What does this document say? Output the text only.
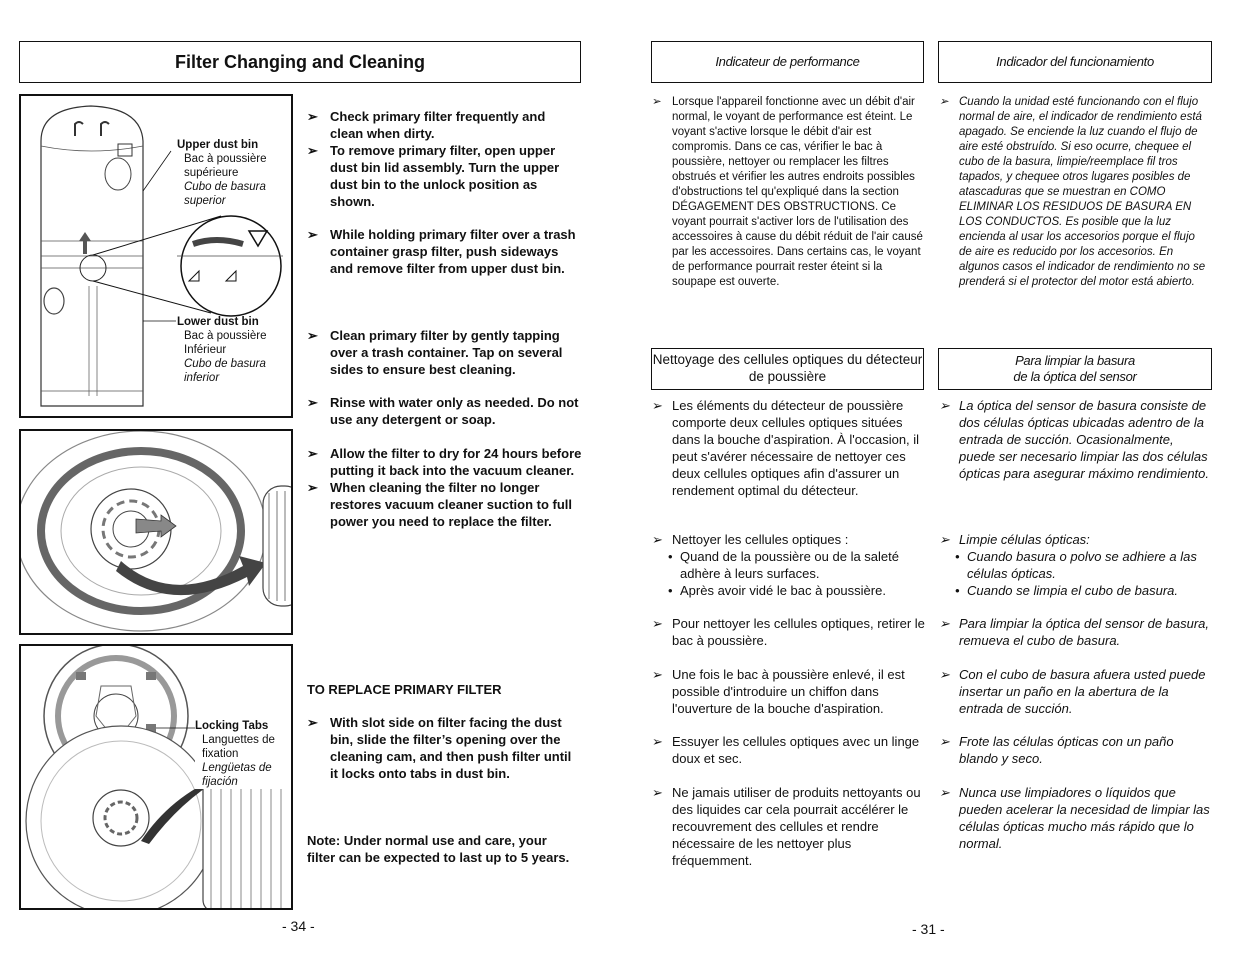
Filter Changing and Cleaning
Upper dust bin

Bac à poussière supérieure
Cubo de basura superior
Lower dust bin

Bac à poussière Inférieur
Cubo de basura inferior
Locking Tabs

Languettes de fixation
Lengüetas de fijación
➢ Check primary filter frequently and clean when dirty.
➢ To remove primary filter, open upper dust bin lid assembly. Turn the upper dust bin to the unlock position as shown.
➢ While holding primary filter over a trash container grasp filter, push sideways and remove filter from upper dust bin.
➢ Clean primary filter by gently tapping over a trash container. Tap on several sides to ensure best cleaning.
➢ Rinse with water only as needed. Do not use any detergent or soap.
➢ Allow the filter to dry for 24 hours before putting it back into the vacuum cleaner.
➢ When cleaning the filter no longer restores vacuum cleaner suction to full power you need to replace the filter.
TO REPLACE PRIMARY FILTER
➢ With slot side on filter facing the dust bin, slide the filter’s opening over the cleaning cam, and then push filter until it locks onto tabs in dust bin.
Note: Under normal use and care, your filter can be expected to last up to 5 years.
- 34 -
Indicateur de performance	Indicador del funcionamiento
➢ Lorsque l'appareil fonctionne avec un débit d'air normal, le voyant de performance est éteint. Le voyant s'active lorsque le débit d'air est compromis. Dans ce cas, vérifier le bac à poussière, nettoyer ou remplacer les filtres obstrués et vérifier les autres endroits possibles d'obstructions tel qu'expliqué dans la section DÉGAGEMENT DES OBSTRUCTIONS. Ce voyant pourrait s'activer lors de l'utilisation des accessoires à cause du débit réduit de l'air causé par les accessoires. Dans certains cas, le voyant de performance pourrait rester éteint si la soupape est ouverte.
➢ Cuando la unidad esté funcionando con el flujo normal de aire, el indicador de rendimiento está apagado. Se enciende la luz cuando el flujo de aire esté obstruído. Si eso ocurre, chequee el cubo de la basura, limpie/reemplace fil tros tapados, y chequee otros lugares posibles de atascaduras que se muestran en COMO ELIMINAR LOS RESIDUOS DE BASURA EN LOS CONDUCTOS. Es posible que la luz encienda al usar los accesorios porque el flujo de aire es reducido por los accesorios. En algunos casos el indicador de rendimiento no se prenderá si el protector del motor está abierto.
Nettoyage des cellules optiques du détecteur de poussière
Para limpiar la basura
de la óptica del sensor
➢ Les éléments du détecteur de poussière comporte deux cellules optiques situées dans la bouche d'aspiration. À l'occasion, il peut s'avérer nécessaire de nettoyer ces deux cellules optiques afin d'assurer un rendement optimal du détecteur.
➢ Nettoyer les cellules optiques :
• Quand de la poussière ou de la saleté adhère à leurs surfaces.
• Après avoir vidé le bac à poussière.
➢ Pour nettoyer les cellules optiques, retirer le bac à poussière.
➢ Une fois le bac à poussière enlevé, il est possible d'introduire un chiffon dans l'ouverture de la bouche d'aspiration.
➢ Essuyer les cellules optiques avec un linge doux et sec.
➢ Ne jamais utiliser de produits nettoyants ou des liquides car cela pourrait accélérer le recouvrement des cellules et rendre nécessaire de les nettoyer plus fréquemment.
➢ La óptica del sensor de basura consiste de dos células ópticas ubicadas adentro de la entrada de succión. Ocasionalmente, puede ser necesario limpiar las dos células ópticas para asegurar máximo rendimiento.
➢ Limpie células ópticas:
• Cuando basura o polvo se adhiere a las células ópticas.
• Cuando se limpia el cubo de basura.
➢ Para limpiar la óptica del sensor de basura, remueva el cubo de basura.
➢ Con el cubo de basura afuera usted puede insertar un paño en la abertura de la entrada de succión.
➢ Frote las células ópticas con un paño blando y seco.
➢ Nunca use limpiadores o líquidos que pueden acelerar la necesidad de limpiar las células ópticas mucho más rápido que lo normal.
- 31 -
